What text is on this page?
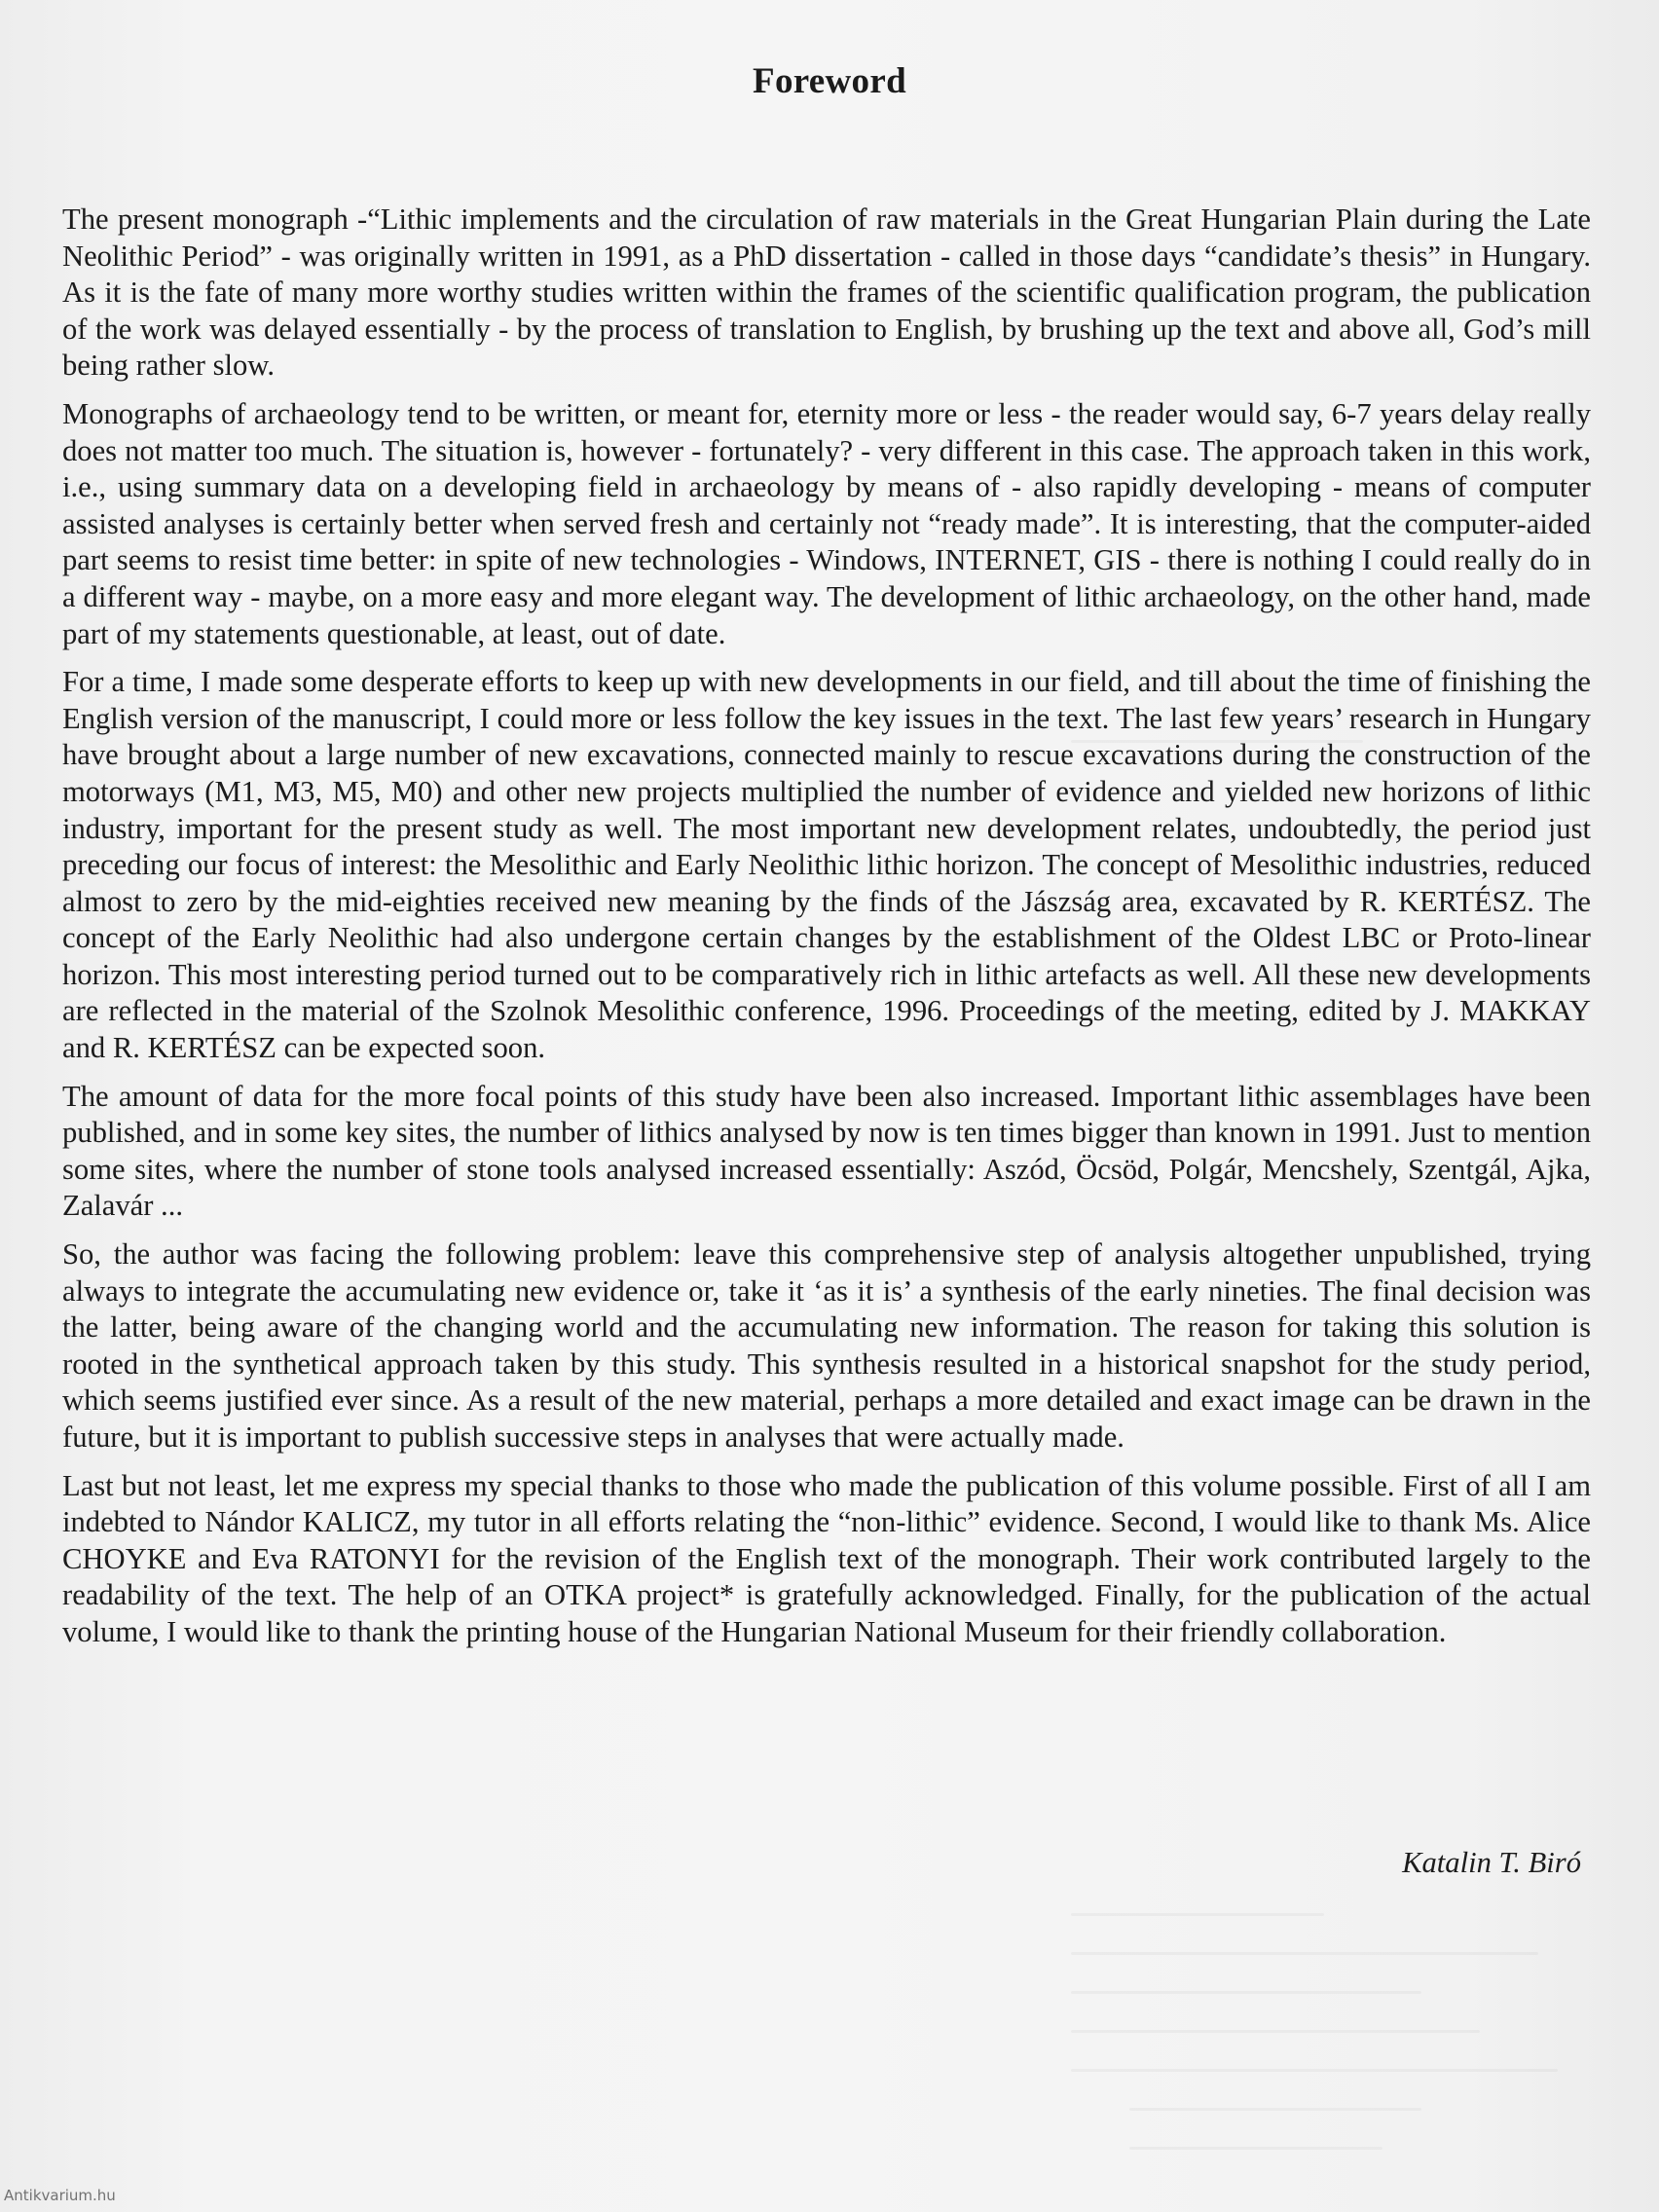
Foreword

The present monograph -“Lithic implements and the circulation of raw materials in the Great Hungarian Plain during the Late Neolithic Period” - was originally written in 1991, as a PhD dissertation - called in those days “candidate’s thesis” in Hungary. As it is the fate of many more worthy studies written within the frames of the scientific qualification program, the publication of the work was delayed essentially - by the process of translation to English, by brushing up the text and above all, God’s mill being rather slow.

Monographs of archaeology tend to be written, or meant for, eternity more or less - the reader would say, 6-7 years delay really does not matter too much. The situation is, however - fortunately? - very different in this case. The approach taken in this work, i.e., using summary data on a developing field in archaeology by means of - also rapidly developing - means of computer assisted analyses is certainly better when served fresh and certainly not “ready made”. It is interesting, that the computer-aided part seems to resist time better: in spite of new technologies - Windows, INTERNET, GIS - there is nothing I could really do in a different way - maybe, on a more easy and more elegant way. The development of lithic archaeology, on the other hand, made part of my statements questionable, at least, out of date.

For a time, I made some desperate efforts to keep up with new developments in our field, and till about the time of finishing the English version of the manuscript, I could more or less follow the key issues in the text. The last few years’ research in Hungary have brought about a large number of new excavations, connected mainly to rescue excavations during the construction of the motorways (M1, M3, M5, M0) and other new projects multiplied the number of evidence and yielded new horizons of lithic industry, important for the present study as well. The most important new development relates, undoubtedly, the period just preceding our focus of interest: the Mesolithic and Early Neolithic lithic horizon. The concept of Mesolithic industries, reduced almost to zero by the mid-eighties received new meaning by the finds of the Jászság area, excavated by R. KERTÉSZ. The concept of the Early Neolithic had also undergone certain changes by the establishment of the Oldest LBC or Proto-linear horizon. This most interesting period turned out to be comparatively rich in lithic artefacts as well. All these new developments are reflected in the material of the Szolnok Mesolithic conference, 1996. Proceedings of the meeting, edited by J. MAKKAY and R. KERTÉSZ can be expected soon.

The amount of data for the more focal points of this study have been also increased. Important lithic assemblages have been published, and in some key sites, the number of lithics analysed by now is ten times bigger than known in 1991. Just to mention some sites, where the number of stone tools analysed increased essentially: Aszód, Öcsöd, Polgár, Mencshely, Szentgál, Ajka, Zalavár ...

So, the author was facing the following problem: leave this comprehensive step of analysis altogether unpublished, trying always to integrate the accumulating new evidence or, take it ‘as it is’ a synthesis of the early nineties. The final decision was the latter, being aware of the changing world and the accumulating new information. The reason for taking this solution is rooted in the synthetical approach taken by this study. This synthesis resulted in a historical snapshot for the study period, which seems justified ever since. As a result of the new material, perhaps a more detailed and exact image can be drawn in the future, but it is important to publish successive steps in analyses that were actually made.

Last but not least, let me express my special thanks to those who made the publication of this volume possible. First of all I am indebted to Nándor KALICZ, my tutor in all efforts relating the “non-lithic” evidence. Second, I would like to thank Ms. Alice CHOYKE and Eva RATONYI for the revision of the English text of the monograph. Their work contributed largely to the readability of the text. The help of an OTKA project* is gratefully acknowledged. Finally, for the publication of the actual volume, I would like to thank the printing house of the Hungarian National Museum for their friendly collaboration.

Katalin T. Biró
Antikvarium.hu
